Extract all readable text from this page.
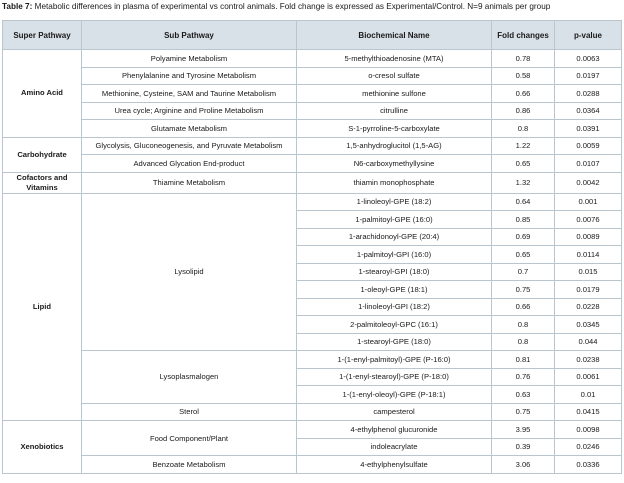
Table 7: Metabolic differences in plasma of experimental vs control animals. Fold change is expressed as Experimental/Control. N=9 animals per group
Super Pathway	Sub Pathway	Biochemical Name	Fold changes	p-value
Amino Acid	Polyamine Metabolism	5-methylthioadenosine (MTA)	0.78	0.0063
	Phenylalanine and Tyrosine Metabolism	o-cresol sulfate	0.58	0.0197
	Methionine, Cysteine, SAM and Taurine Metabolism	methionine sulfone	0.66	0.0288
	Urea cycle; Arginine and Proline Metabolism	citrulline	0.86	0.0364
	Glutamate Metabolism	S-1-pyrroline-5-carboxylate	0.8	0.0391
Carbohydrate	Glycolysis, Gluconeogenesis, and Pyruvate Metabolism	1,5-anhydroglucitol (1,5-AG)	1.22	0.0059
	Advanced Glycation End-product	N6-carboxymethyllysine	0.65	0.0107
Cofactors and Vitamins	Thiamine Metabolism	thiamin monophosphate	1.32	0.0042
Lipid	Lysolipid	1-linoleoyl-GPE (18:2)	0.64	0.001
		1-palmitoyl-GPE (16:0)	0.85	0.0076
		1-arachidonoyl-GPE (20:4)	0.69	0.0089
		1-palmitoyl-GPI (16:0)	0.65	0.0114
		1-stearoyl-GPI (18:0)	0.7	0.015
		1-oleoyl-GPE (18:1)	0.75	0.0179
		1-linoleoyl-GPI (18:2)	0.66	0.0228
		2-palmitoleoyl-GPC (16:1)	0.8	0.0345
		1-stearoyl-GPE (18:0)	0.8	0.044
	Lysoplasmalogen	1-(1-enyl-palmitoyl)-GPE (P-16:0)	0.81	0.0238
		1-(1-enyl-stearoyl)-GPE (P-18:0)	0.76	0.0061
		1-(1-enyl-oleoyl)-GPE (P-18:1)	0.63	0.01
	Sterol	campesterol	0.75	0.0415
Xenobiotics	Food Component/Plant	4-ethylphenol glucuronide	3.95	0.0098
		indoleacrylate	0.39	0.0246
	Benzoate Metabolism	4-ethylphenylsulfate	3.06	0.0336
